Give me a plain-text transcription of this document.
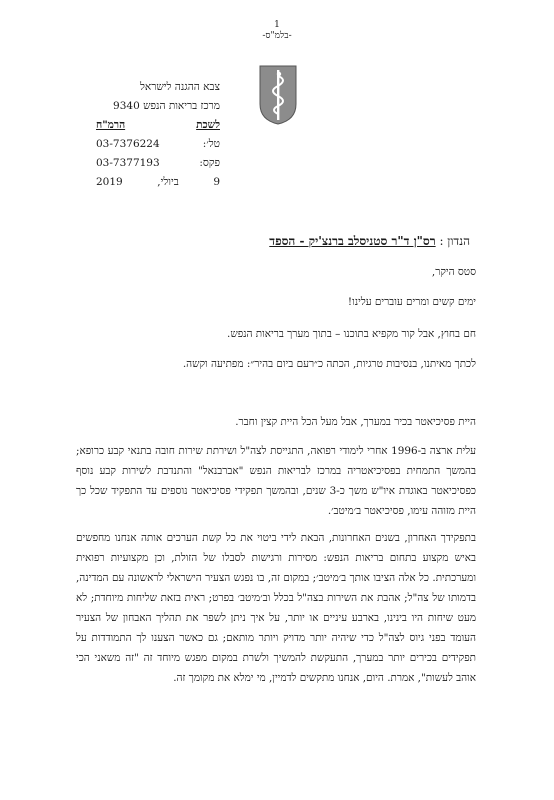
1
-בלמ"ס-
צבא ההגנה לישראל
מרכז בריאות הנפש 9340
לשכת
הרמ"ח
טל׳:
03-7376224
פקס:
03-7377193
9
ביולי,
2019
הנדון : רס"ן ד"ר סטניסלב ברנצ'יק - הספד
סטס היקר,
ימים קשים ומרים עוברים עלינו!
חם בחוץ, אבל קור מקפיא בתוכנו – בתוך מערך בריאות הנפש.
לכתך מאיתנו, בנסיבות טרגיות, הכתה כ״רעם ביום בהיר״: מפתיעה וקשה.
היית פסיכיאטר בכיר במערך, אבל מעל הכל היית קצין וחבר.
עלית ארצה ב-1996 אחרי לימודי רפואה, התגייסת לצה"ל ושירתת שירות חובה בתנאי קבע כרופא; בהמשך התמחית בפסיכיאטריה במרכז לבריאות הנפש "אברבנאל" והתנדבת לשירות קבע נוסף כפסיכיאטר באוגדת איו"ש משך כ-3 שנים, ובהמשך תפקידי פסיכיאטר נוספים עד התפקיד שכל כך היית מזוהה עימו, פסיכיאטר ב׳מיטב׳.
בתפקידך האחרון, בשנים האחרונות, הבאת לידי ביטוי את כל קשת הערכים אותה אנחנו מחפשים באיש מקצוע בתחום בריאות הנפש: מסירות ורגישות לסבלו של הזולת, וכן מקצועיות רפואית ומערכתית. כל אלה הציבו אותך ב׳מיטב׳; במקום זה, בו נפגש הצעיר הישראלי לראשונה עם המדינה, בדמותו של צה"ל; אהבת את השירות בצה"ל בכלל וב׳מיטב׳ בפרט; ראית בזאת שליחות מיוחדת; לא מעט שיחות היו בינינו, בארבע עיניים או יותר, על איך ניתן לשפר את תהליך האבחון של הצעיר העומד בפני גיוס לצה"ל כדי שיהיה יותר מדויק ויותר מותאם; גם כאשר הצענו לך התמודדות על תפקידים בכירים יותר במערך, התעקשת להמשיך ולשרת במקום מפגש מיוחד זה "זה משאני הכי אוהב לעשות", אמרת. היום, אנחנו מתקשים לדמיין, מי ימלא את מקומך זה.
